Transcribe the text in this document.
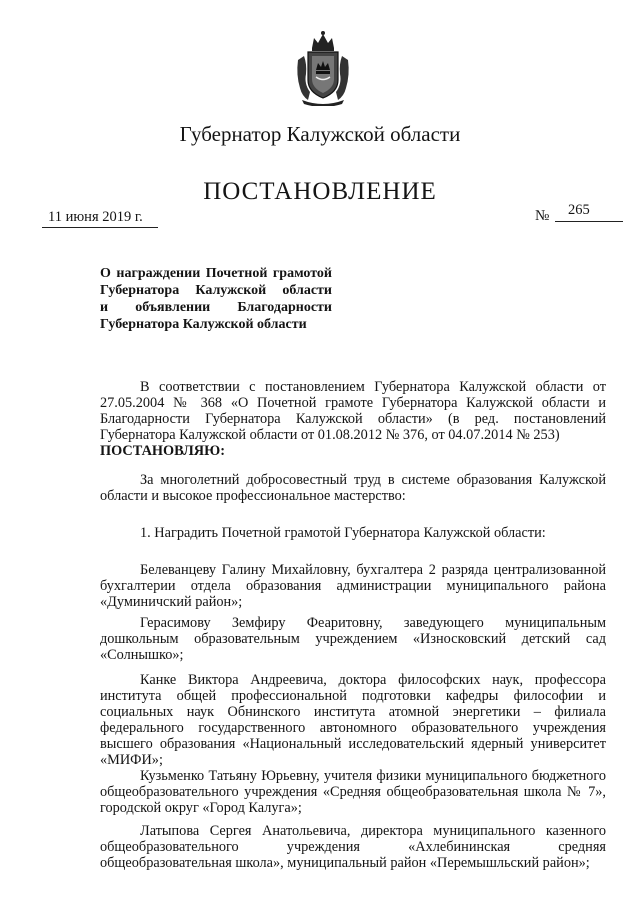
Губернатор Калужской области
ПОСТАНОВЛЕНИЕ
11 июня 2019 г.	№ 265
О награждении Почетной грамотой
Губернатора Калужской области
и объявлении Благодарности
Губернатора Калужской области
В соответствии с постановлением Губернатора Калужской области от 27.05.2004 № 368 «О Почетной грамоте Губернатора Калужской области и Благодарности Губернатора Калужской области» (в ред. постановлений Губернатора Калужской области от 01.08.2012 № 376, от 04.07.2014 № 253)
ПОСТАНОВЛЯЮ:
За многолетний добросовестный труд в системе образования Калужской области и высокое профессиональное мастерство:
1. Наградить Почетной грамотой Губернатора Калужской области:
Белеванцеву Галину Михайловну, бухгалтера 2 разряда централизованной бухгалтерии отдела образования администрации муниципального района «Думиничский район»;
Герасимову Земфиру Феаритовну, заведующего муниципальным дошкольным образовательным учреждением «Износковский детский сад «Солнышко»;
Канке Виктора Андреевича, доктора философских наук, профессора института общей профессиональной подготовки кафедры философии и социальных наук Обнинского института атомной энергетики – филиала федерального государственного автономного образовательного учреждения высшего образования «Национальный исследовательский ядерный университет «МИФИ»;
Кузьменко Татьяну Юрьевну, учителя физики муниципального бюджетного общеобразовательного учреждения «Средняя общеобразовательная школа № 7», городской округ «Город Калуга»;
Латыпова Сергея Анатольевича, директора муниципального казенного общеобразовательного учреждения «Ахлебининская средняя общеобразовательная школа», муниципальный район «Перемышльский район»;
